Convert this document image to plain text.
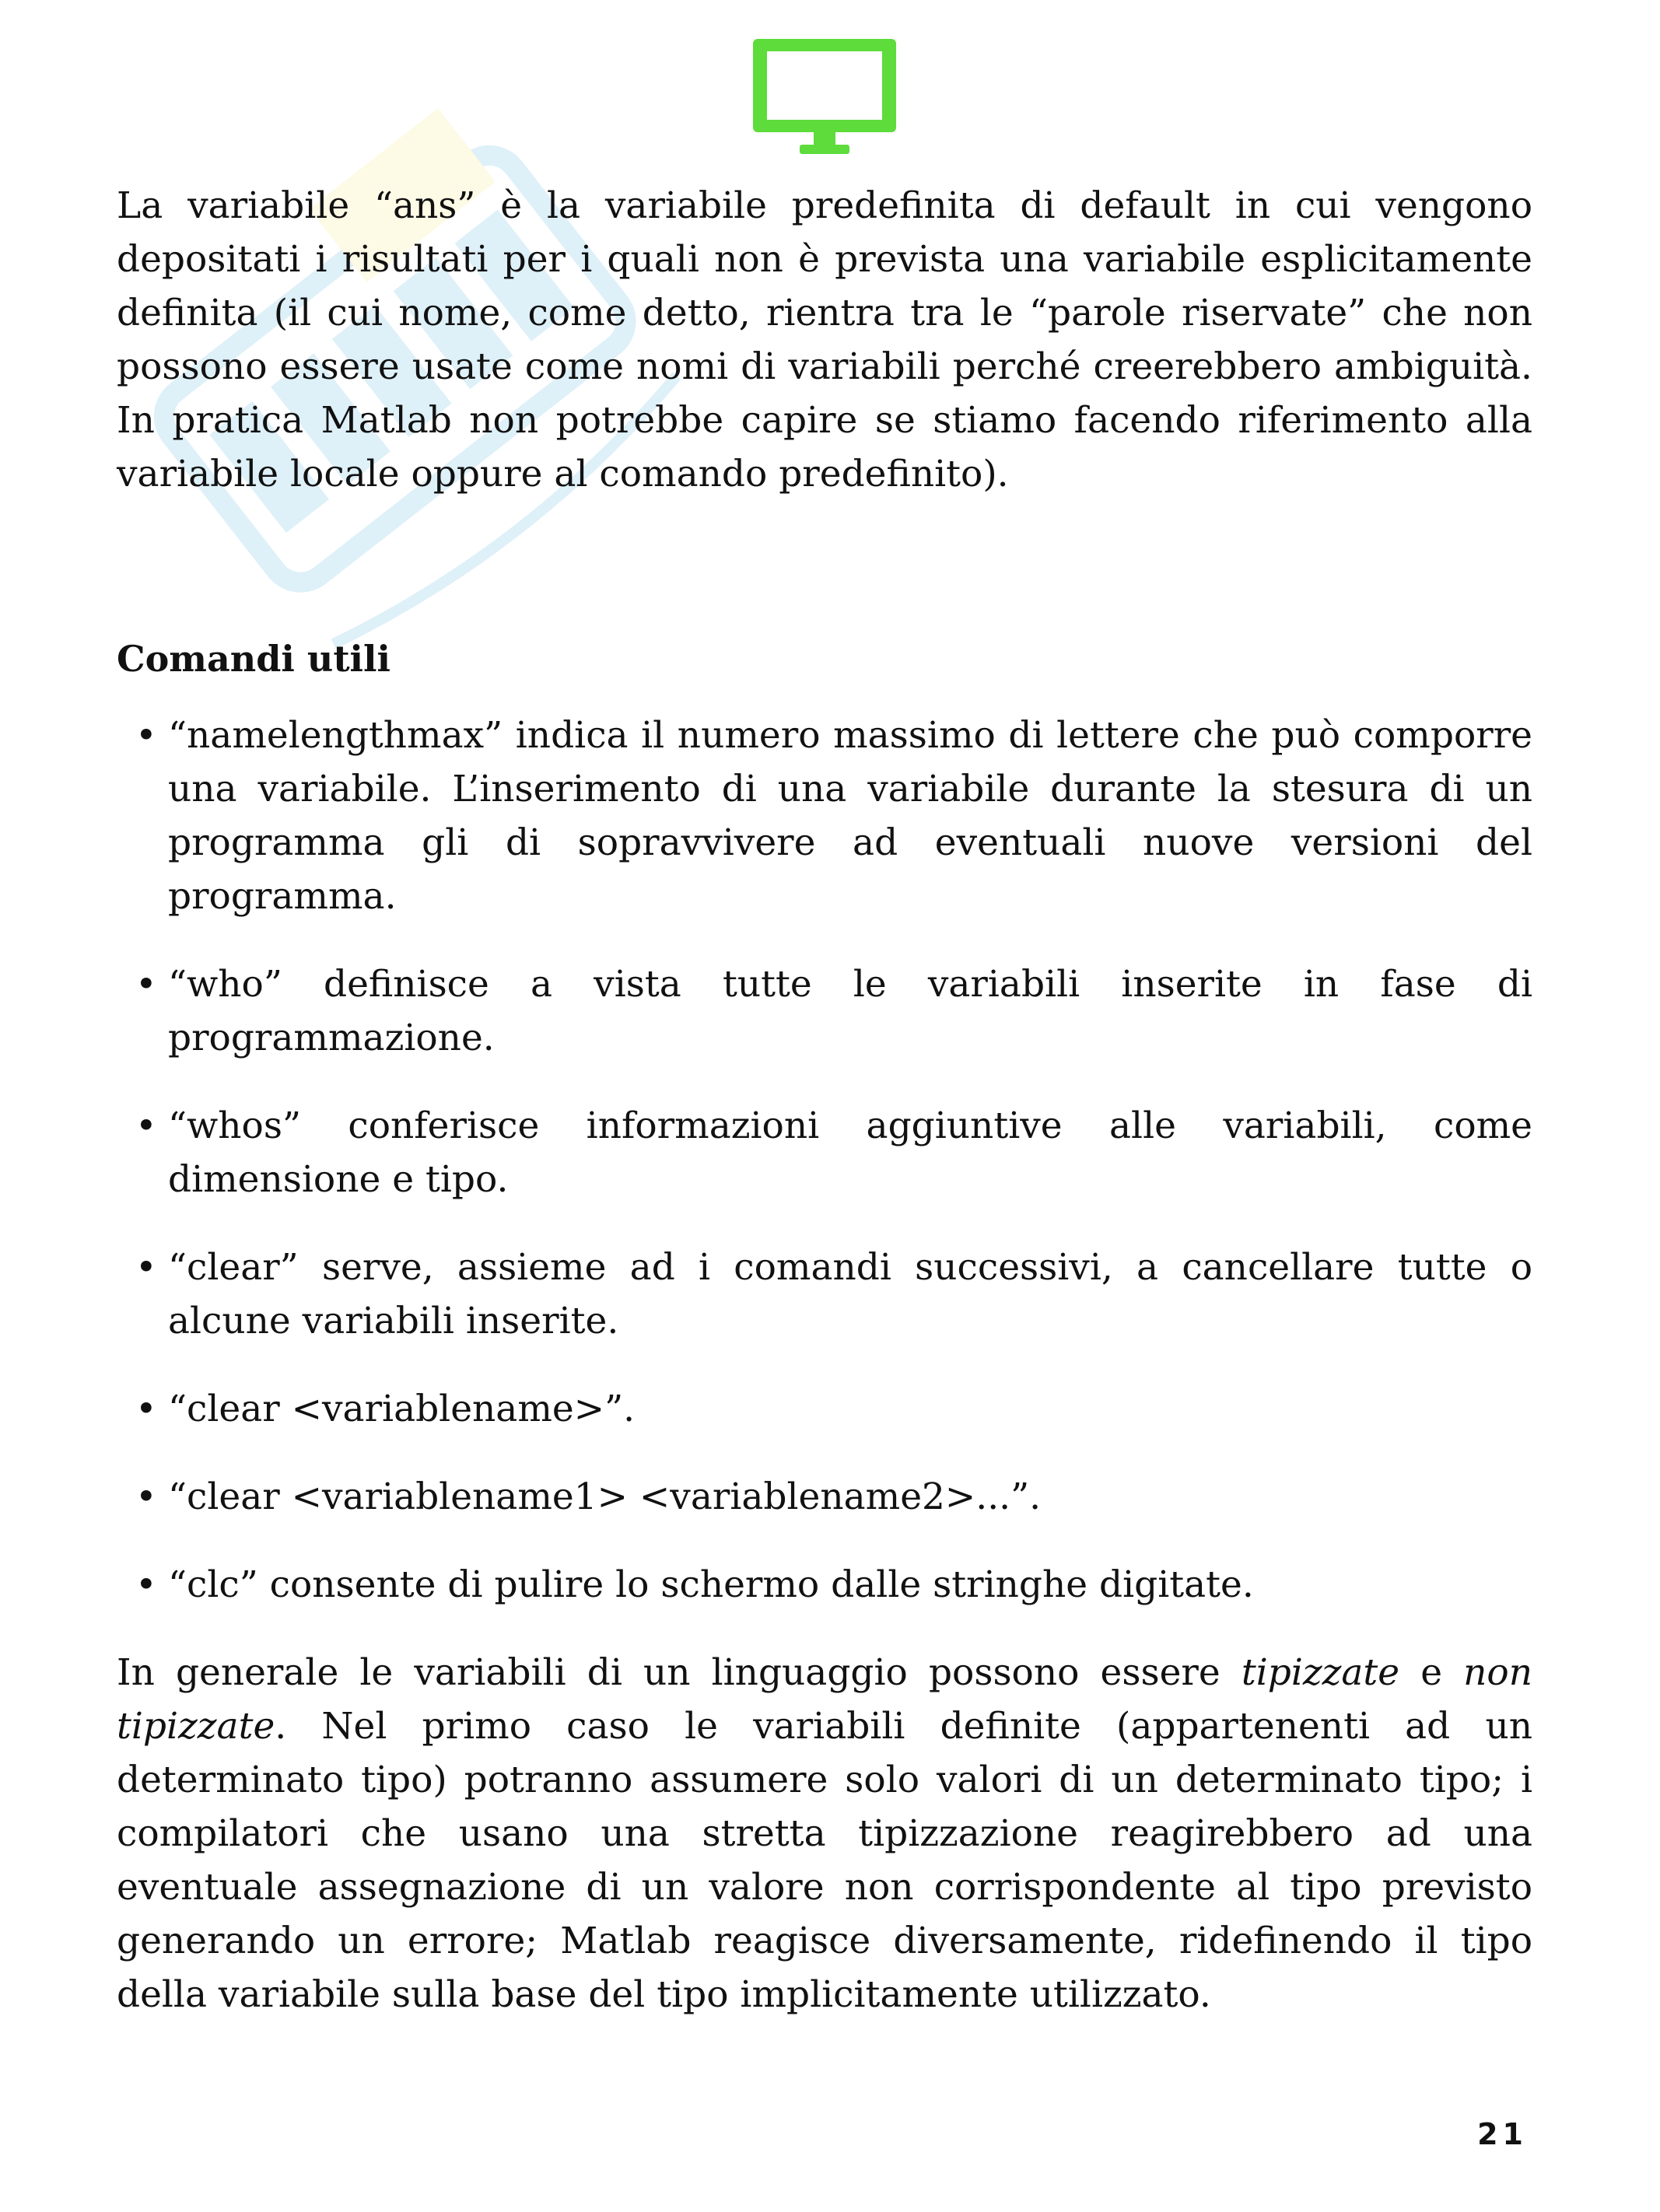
La variabile “ans” è la variabile predefinita di default in cui vengono depositati i risultati per i quali non è prevista una variabile esplicitamente definita (il cui nome, come detto, rientra tra le “parole riservate” che non possono essere usate come nomi di variabili perché creerebbero ambiguità. In pratica Matlab non potrebbe capire se stiamo facendo riferimento alla variabile locale oppure al comando predefinito).

Comandi utili
• “namelengthmax” indica il numero massimo di lettere che può comporre una variabile. L’inserimento di una variabile durante la stesura di un programma gli di sopravvivere ad eventuali nuove versioni del programma.
• “who” definisce a vista tutte le variabili inserite in fase di programmazione.
• “whos” conferisce informazioni aggiuntive alle variabili, come dimensione e tipo.
• “clear” serve, assieme ad i comandi successivi, a cancellare tutte o alcune variabili inserite.
• “clear <variablename>”.
• “clear <variablename1> <variablename2>...”.
• “clc” consente di pulire lo schermo dalle stringhe digitate.

In generale le variabili di un linguaggio possono essere tipizzate e non tipizzate. Nel primo caso le variabili definite (appartenenti ad un determinato tipo) potranno assumere solo valori di un determinato tipo; i compilatori che usano una stretta tipizzazione reagirebbero ad una eventuale assegnazione di un valore non corrispondente al tipo previsto generando un errore; Matlab reagisce diversamente, ridefinendo il tipo della variabile sulla base del tipo implicitamente utilizzato.

21
